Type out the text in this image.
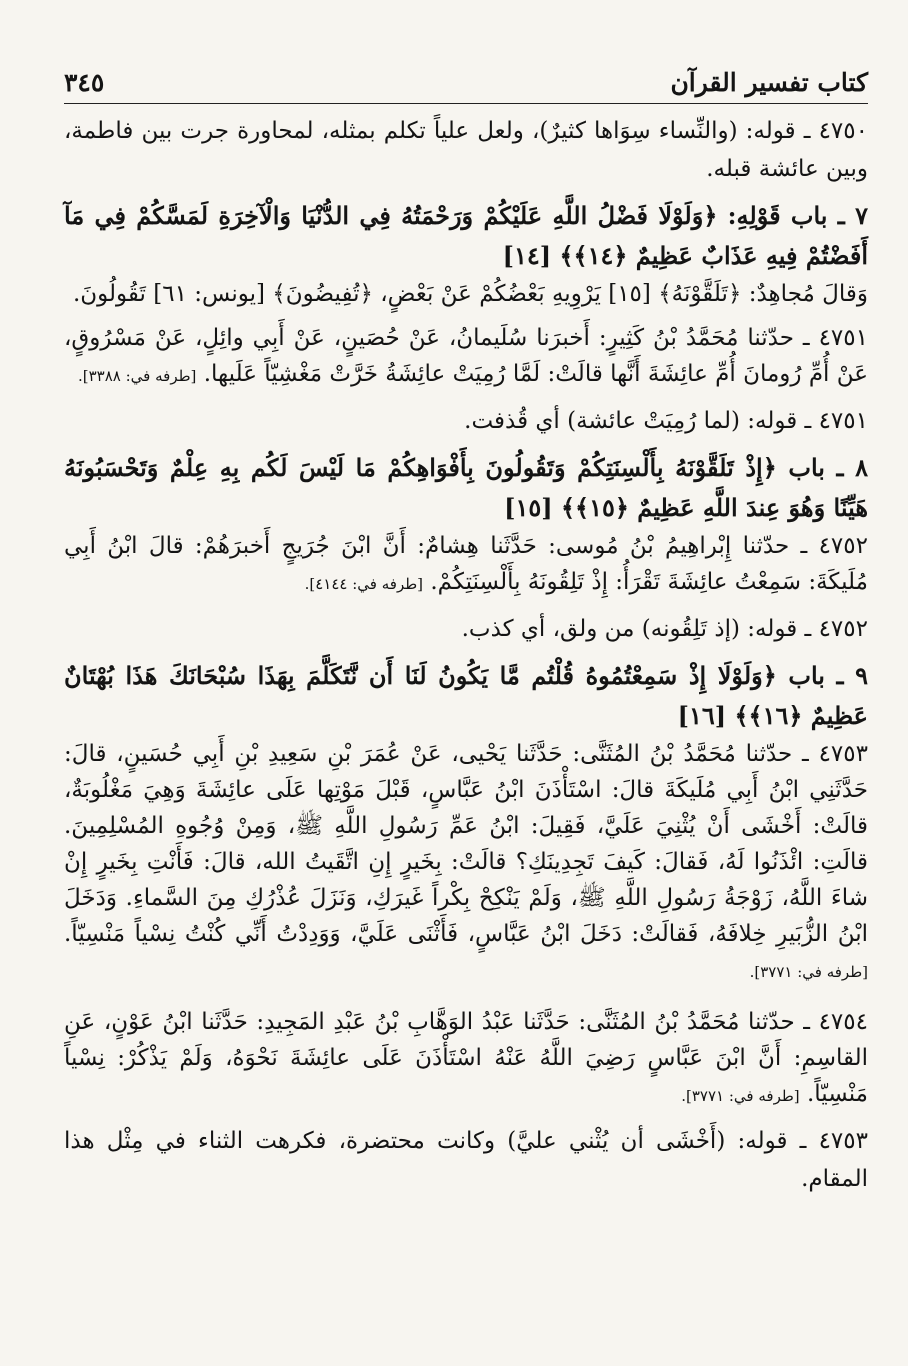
كتاب تفسير القرآن
٣٤٥

٤٧٥٠ ـ قوله: (والنِّساء سِوَاها كثيرٌ)، ولعل علياً تكلم بمثله، لمحاورة جرت بين فاطمة، وبين عائشة قبله.

٧ ـ باب قَوْلِهِ: ﴿وَلَوْلَا فَضْلُ اللَّهِ عَلَيْكُمْ وَرَحْمَتُهُ فِي الدُّنْيَا وَالْآخِرَةِ لَمَسَّكُمْ فِي مَآ أَفَضْتُمْ فِيهِ عَذَابٌ عَظِيمٌ ﴿١٤﴾﴾ [١٤]

وَقالَ مُجاهِدٌ: ﴿تَلَقَّوْنَهُ﴾ [١٥] يَرْوِيهِ بَعْضُكُمْ عَنْ بَعْضٍ، ﴿تُفِيضُونَ﴾ [يونس: ٦١] تَقُولُونَ.

٤٧٥١ ـ حدّثنا مُحَمَّدُ بْنُ كَثِيرٍ: أَخبرَنا سُلَيمانُ، عَنْ حُصَينٍ، عَنْ أَبِي وائِلٍ، عَنْ مَسْرُوقٍ، عَنْ أُمِّ رُومانَ أُمِّ عائِشَةَ أَنَّها قالَتْ: لَمَّا رُمِيَتْ عائِشَةُ خَرَّتْ مَغْشِيّاً عَلَيها. [طرفه في: ٣٣٨٨].

٤٧٥١ ـ قوله: (لما رُمِيَتْ عائشة) أي قُذفت.

٨ ـ باب ﴿إِذْ تَلَقَّوْنَهُ بِأَلْسِنَتِكُمْ وَتَقُولُونَ بِأَفْوَاهِكُمْ مَا لَيْسَ لَكُم بِهِ عِلْمٌ وَتَحْسَبُونَهُ هَيِّنًا وَهُوَ عِندَ اللَّهِ عَظِيمٌ ﴿١٥﴾﴾ [١٥]

٤٧٥٢ ـ حدّثنا إِبْراهِيمُ بْنُ مُوسى: حَدَّثَنا هِشامٌ: أَنَّ ابْنَ جُرَيجٍ أَخبرَهُمْ: قالَ ابْنُ أَبِي مُلَيكَةَ: سَمِعْتُ عائِشَةَ تَقْرَأُ: إِذْ تَلِقُونَهُ بِأَلْسِنَتِكُمْ. [طرفه في: ٤١٤٤].

٤٧٥٢ ـ قوله: (إذ تَلِقُونه) من ولق، أي كذب.

٩ ـ باب ﴿وَلَوْلَا إِذْ سَمِعْتُمُوهُ قُلْتُم مَّا يَكُونُ لَنَا أَن نَّتَكَلَّمَ بِهَذَا سُبْحَانَكَ هَذَا بُهْتَانٌ عَظِيمٌ ﴿١٦﴾﴾ [١٦]

٤٧٥٣ ـ حدّثنا مُحَمَّدُ بْنُ المُثَنَّى: حَدَّثَنا يَحْيى، عَنْ عُمَرَ بْنِ سَعِيدِ بْنِ أَبِي حُسَينٍ، قالَ: حَدَّثَنِي ابْنُ أَبِي مُلَيكَةَ قالَ: اسْتَأْذَنَ ابْنُ عَبَّاسٍ، قَبْلَ مَوْتِها عَلَى عائِشَةَ وَهِيَ مَغْلُوبَةٌ، قالَتْ: أَخْشَى أَنْ يُثْنِيَ عَلَيَّ، فَقِيلَ: ابْنُ عَمِّ رَسُولِ اللَّهِ ﷺ، وَمِنْ وُجُوهِ المُسْلِمِينَ. قالَتِ: ائْذَنُوا لَهُ، فَقالَ: كَيفَ تَجِدِينَكِ؟ قالَتْ: بِخَيرٍ إِنِ اتَّقَيتُ الله، قالَ: فَأَنْتِ بِخَيرٍ إِنْ شاءَ اللَّهُ، زَوْجَةُ رَسُولِ اللَّهِ ﷺ، وَلَمْ يَنْكِحْ بِكْراً غَيرَكِ، وَنَزَلَ عُذْرُكِ مِنَ السَّماءِ. وَدَخَلَ ابْنُ الزُّبَيرِ خِلافَهُ، فَقالَتْ: دَخَلَ ابْنُ عَبَّاسٍ، فَأَثْنَى عَلَيَّ، وَوَدِدْتُ أَنِّي كُنْتُ نِسْياً مَنْسِيّاً. [طرفه في: ٣٧٧١].

٤٧٥٤ ـ حدّثنا مُحَمَّدُ بْنُ المُثَنَّى: حَدَّثَنا عَبْدُ الوَهَّابِ بْنُ عَبْدِ المَجِيدِ: حَدَّثَنا ابْنُ عَوْنٍ، عَنِ القاسِمِ: أَنَّ ابْنَ عَبَّاسٍ رَضِيَ اللَّهُ عَنْهُ اسْتَأْذَنَ عَلَى عائِشَةَ نَحْوَهُ، وَلَمْ يَذْكُرْ: نِسْياً مَنْسِيّاً. [طرفه في: ٣٧٧١].

٤٧٥٣ ـ قوله: (أَخْشَى أن يُثْني عليَّ) وكانت محتضرة، فكرهت الثناء في مِثْل هذا المقام.
